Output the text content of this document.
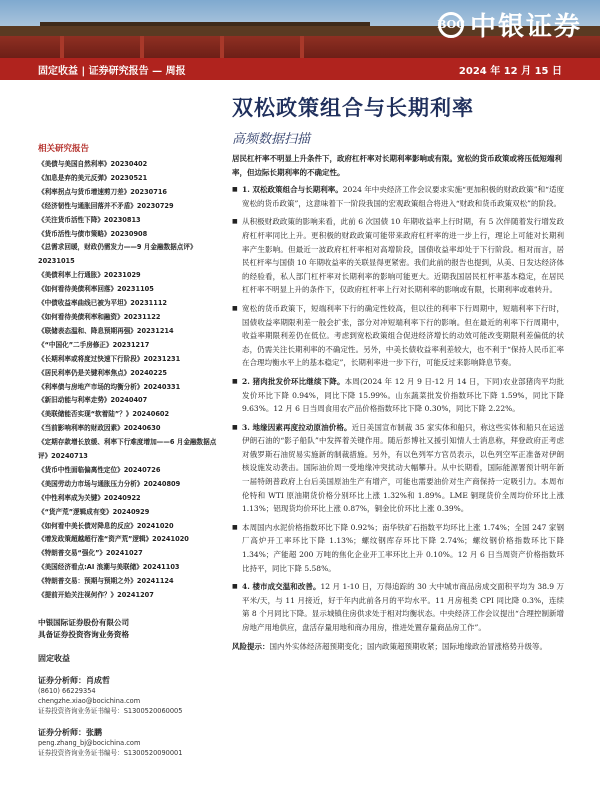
BOC 中银证券
固定收益 | 证券研究报告 — 周报	2024 年 12 月 15 日
双松政策组合与长期利率
高频数据扫描
相关研究报告
《美债与美国自然利率》20230402
《加息是弃的美元反弹》20230521
《利率拐点与货币增速剪刀差》20230716
《经济韧性与通胀回落并不矛盾》20230729
《关注货币活性下降》20230813
《货币活性与债市策略》20230908
《总需求回暖，财政仍需发力——9 月金融数据点评》20231015
《美债利率上行通胀》20231029
《如何看待美债利率回落》20231105
《中债收益率曲线已被为平坦》20231112
《如何看待美债利率和融资》20231122
《联储表态温和、降息预期再强》20231214
《“中国化”二手房修正》20231217
《长期利率或将度过快速下行阶段》20231231
《居民利率仍是关键利率焦点》20240225
《利率债与房地产市场的均衡分析》20240331
《新旧动能与利率走势》20240407
《美联储能否实现“软着陆”？》20240602
《当前影响利率的财政因素》20240630
《定期存款增长放缓、利率下行难度增加——6 月金融数据点评》20240713
《货币中性面临偏离性定位》20240726
《美国劳动力市场与通胀压力分析》20240809
《中性利率成为关键》20240922
《“货产荒”逻辑成有变》20240929
《如何看中美长债对降息的反应》20241020
《增发政策超越超行准“资产荒”逻辑》20241020
《特朗普交易“强化”》20241027
《美国经济看点:AI 浪潮与美联储》20241103
《特朗普交易：预期与预期之外》20241124
《提前开始关注视何作？》20241207
中银国际证券股份有限公司
具备证券投资咨询业务资格
固定收益
证券分析师：肖成哲
(8610) 66229354
chengzhe.xiao@bocichina.com
证券投资咨询业务证书编号：S1300520060005
证券分析师：张鹏
peng.zhang_bj@bocichina.com
证券投资咨询业务证书编号：S1300520090001

居民杠杆率不明显上升条件下，政府杠杆率对长期利率影响或有限。宽松的货币政策或将压低短端利率，但边际长期利率的不确定性。

■ 1. 双松政策组合与长期利率。2024 年中央经济工作会议要求实施“更加积极的财政政策”和“适度宽松的货币政策”，这意味着下一阶段我国的宏观政策组合将进入“财政和货币政策双松”的阶段。

■ 从积极财政政策的影响来看，此前 6 次国债 10 年期收益率上行时期，有 5 次伴随着发行增发政府杠杆率同比上升。更积极的财政政策可能带来政府杠杆率的进一步上行，理论上可能对长期利率产生影响。但最近一波政府杠杆率相对高增阶段，国债收益率却处于下行阶段。相对而言，居民杠杆率与国债 10 年期收益率的关联显得更紧密。我们此前的报告也提到，从美、日发达经济体的经验看，私人部门杠杆率对长期利率的影响可能更大。近期我国居民杠杆率基本稳定，在居民杠杆率不明显上升的条件下，仅政府杠杆率上行对长期利率的影响或有限，长期利率或难转升。

■ 宽松的货币政策下，短端利率下行的确定性较高，但以往的利率下行周期中，短端利率下行时，国债收益率期限利差一般会扩张，部分对冲短端利率下行的影响。但在最近的利率下行周期中，收益率期限利差仍在低位。考虑到宽松政策组合促进经济增长的动效可能改变期限利差偏低的状态，仍需关注长期利率的不确定性。另外，中美长债收益率利差较大，也不利于“保持人民币汇率在合理均衡水平上的基本稳定”，长期利率进一步下行，可能反过来影响降息节奏。

■ 2. 猪肉批发价环比继续下降。本周(2024 年 12 月 9 日-12 月 14 日，下同)农业部猪肉平均批发价环比下降 0.94%，同比下降 15.99%。山东蔬菜批发价指数环比下降 1.59%，同比下降 9.63%。12 月 6 日当周食用农产品价格指数环比下降 0.30%，同比下降 2.22%。

■ 3. 地缘因素再度拉动原油价格。近日美国宣布制裁 35 家实体和船只，称这些实体和船只在运送伊朗石油的“影子船队”中发挥着关键作用。随后彭博社又援引知情人士消息称，拜登政府正考虑对俄罗斯石油贸易实施新的制裁措施。另外，有以色列军方官员表示，以色列空军正准备对伊朗核设施发动袭击。国际油价周一受地缘冲突扰动大幅攀升。从中长期看，国际能源署预计明年新一届特朗普政府上台后美国原油生产有增产，可能也需要油价对生产商保持一定吸引力。本周布伦特和 WTI 原油期货价格分别环比上涨 1.32%和 1.89%。LME 铜现货价全周均价环比上涨 1.13%；铝现货均价环比上涨 0.87%，铜金比价环比上涨 0.39%。

■ 本周国内水泥价格指数环比下降 0.92%；南华铁矿石指数平均环比上涨 1.74%；全国 247 家钢厂高炉开工率环比下降 1.13%；螺纹钢库存环比下降 2.74%；螺纹钢价格指数环比下降 1.34%；产能超 200 万吨的焦化企业开工率环比上升 0.10%。12 月 6 日当周资产价格指数环比持平，同比下降 5.58%。

■ 4. 楼市成交温和改善。12 月 1-10 日，万得追踪的 30 大中城市商品房成交面积平均为 38.9 万平米/天，与 11 月接近，好于年内此前各月的平均水平。11 月房租类 CPI 同比降 0.3%，连续第 8 个月同比下降。显示城镇住房供求处于相对均衡状态。中央经济工作会议提出“合理控制新增房地产用地供应，盘活存量用地和商办用房，推进处置存量商品房工作”。

风险提示：国内外实体经济超预期变化；国内政策超预期收紧；国际地缘政治冒涨格势升级等。
